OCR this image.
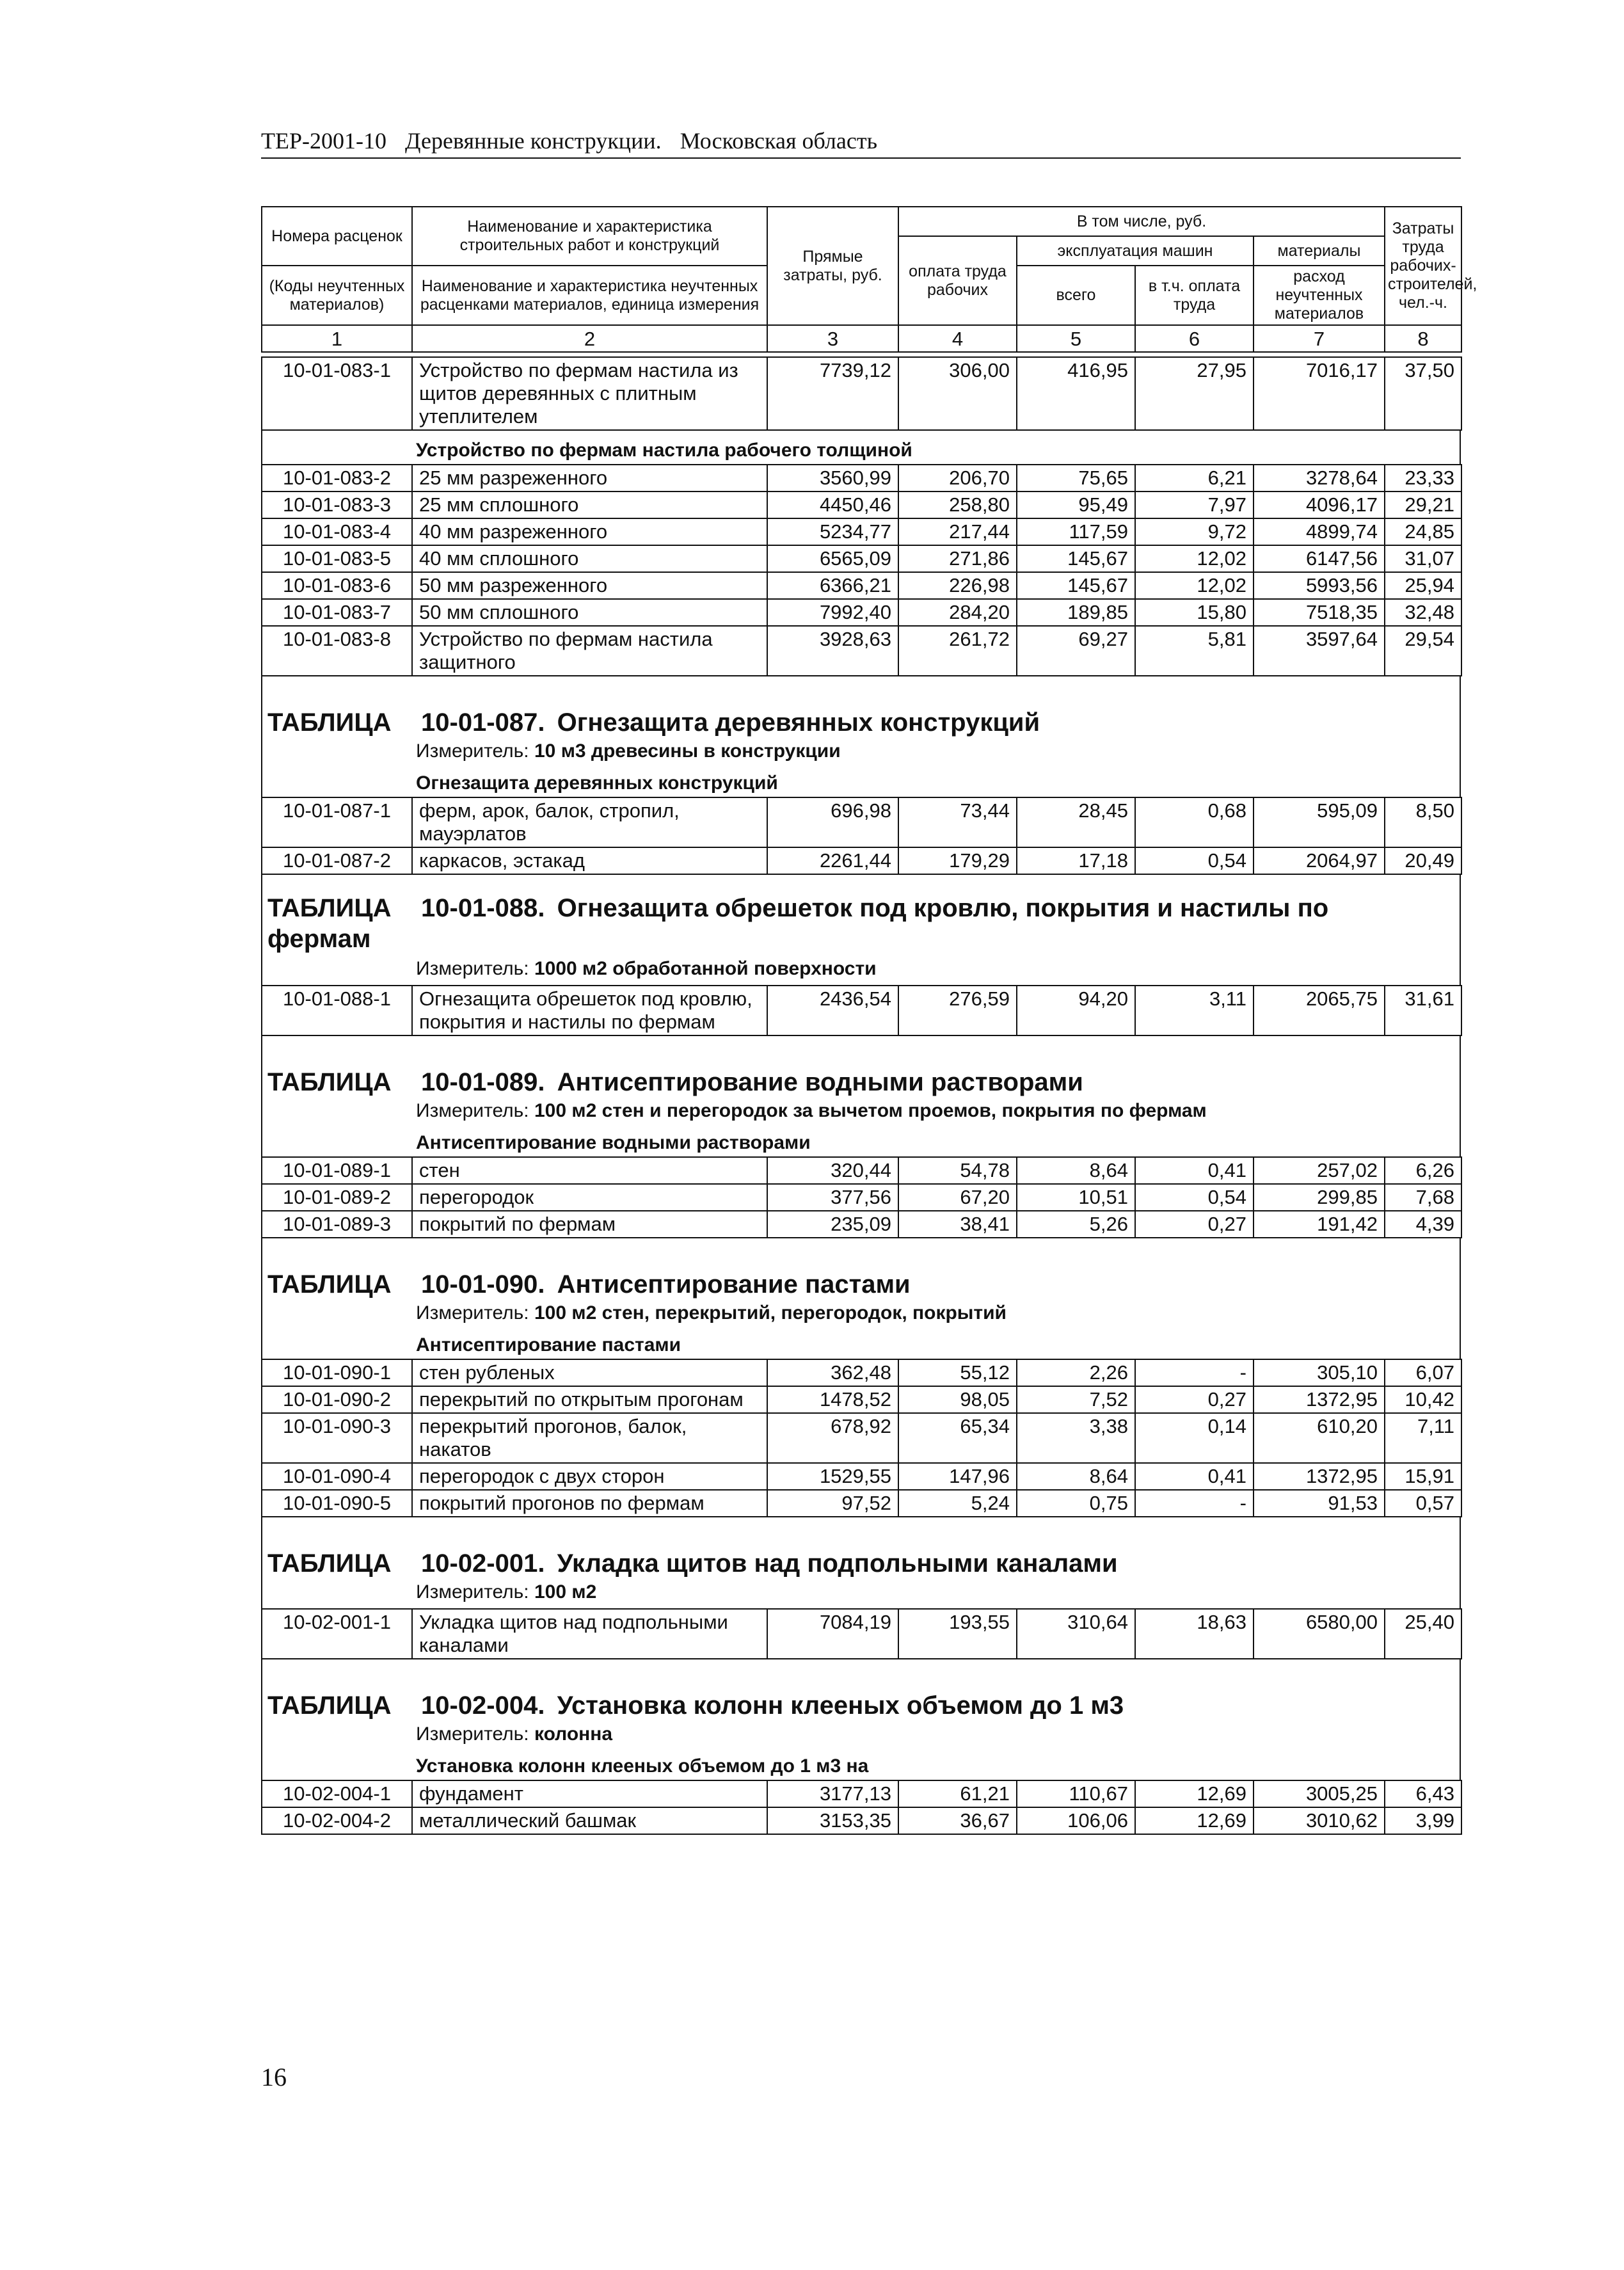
ТЕР-2001-10 Деревянные конструкции. Московская область
Номера расценок	Наименование и характеристика строительных работ и конструкций	Прямые затраты, руб.	В том числе, руб.				Затраты труда рабочих-строителей, чел.-ч.
			оплата труда рабочих	эксплуатация машин		материалы	
(Коды неучтенных материалов)	Наименование и характеристика неучтенных расценками материалов, единица измерения			всего	в т.ч. оплата труда	расход неучтенных материалов	

1	2	3	4	5	6	7	8
10-01-083-1	Устройство по фермам настила из щитов деревянных с плитным утеплителем	7739,12	306,00	416,95	27,95	7016,17	37,50
Устройство по фермам настила рабочего толщиной
10-01-083-2	25 мм разреженного	3560,99	206,70	75,65	6,21	3278,64	23,33
10-01-083-3	25 мм сплошного	4450,46	258,80	95,49	7,97	4096,17	29,21
10-01-083-4	40 мм разреженного	5234,77	217,44	117,59	9,72	4899,74	24,85
10-01-083-5	40 мм сплошного	6565,09	271,86	145,67	12,02	6147,56	31,07
10-01-083-6	50 мм разреженного	6366,21	226,98	145,67	12,02	5993,56	25,94
10-01-083-7	50 мм сплошного	7992,40	284,20	189,85	15,80	7518,35	32,48
10-01-083-8	Устройство по фермам настила защитного	3928,63	261,72	69,27	5,81	3597,64	29,54
ТАБЛИЦА 10-01-087. Огнезащита деревянных конструкций
Измеритель: 10 м3 древесины в конструкции
Огнезащита деревянных конструкций
10-01-087-1	ферм, арок, балок, стропил, мауэрлатов	696,98	73,44	28,45	0,68	595,09	8,50
10-01-087-2	каркасов, эстакад	2261,44	179,29	17,18	0,54	2064,97	20,49
ТАБЛИЦА 10-01-088. Огнезащита обрешеток под кровлю, покрытия и настилы по
фермам
Измеритель: 1000 м2 обработанной поверхности
10-01-088-1	Огнезащита обрешеток под кровлю, покрытия и настилы по фермам	2436,54	276,59	94,20	3,11	2065,75	31,61
ТАБЛИЦА 10-01-089. Антисептирование водными растворами
Измеритель: 100 м2 стен и перегородок за вычетом проемов, покрытия по фермам
Антисептирование водными растворами
10-01-089-1	стен	320,44	54,78	8,64	0,41	257,02	6,26
10-01-089-2	перегородок	377,56	67,20	10,51	0,54	299,85	7,68
10-01-089-3	покрытий по фермам	235,09	38,41	5,26	0,27	191,42	4,39
ТАБЛИЦА 10-01-090. Антисептирование пастами
Измеритель: 100 м2 стен, перекрытий, перегородок, покрытий
Антисептирование пастами
10-01-090-1	стен рубленых	362,48	55,12	2,26	-	305,10	6,07
10-01-090-2	перекрытий по открытым прогонам	1478,52	98,05	7,52	0,27	1372,95	10,42
10-01-090-3	перекрытий прогонов, балок, накатов	678,92	65,34	3,38	0,14	610,20	7,11
10-01-090-4	перегородок с двух сторон	1529,55	147,96	8,64	0,41	1372,95	15,91
10-01-090-5	покрытий прогонов по фермам	97,52	5,24	0,75	-	91,53	0,57
ТАБЛИЦА 10-02-001. Укладка щитов над подпольными каналами
Измеритель: 100 м2
10-02-001-1	Укладка щитов над подпольными каналами	7084,19	193,55	310,64	18,63	6580,00	25,40
ТАБЛИЦА 10-02-004. Установка колонн клееных объемом до 1 м3
Измеритель: колонна
Установка колонн клееных объемом до 1 м3 на
10-02-004-1	фундамент	3177,13	61,21	110,67	12,69	3005,25	6,43
10-02-004-2	металлический башмак	3153,35	36,67	106,06	12,69	3010,62	3,99
16
